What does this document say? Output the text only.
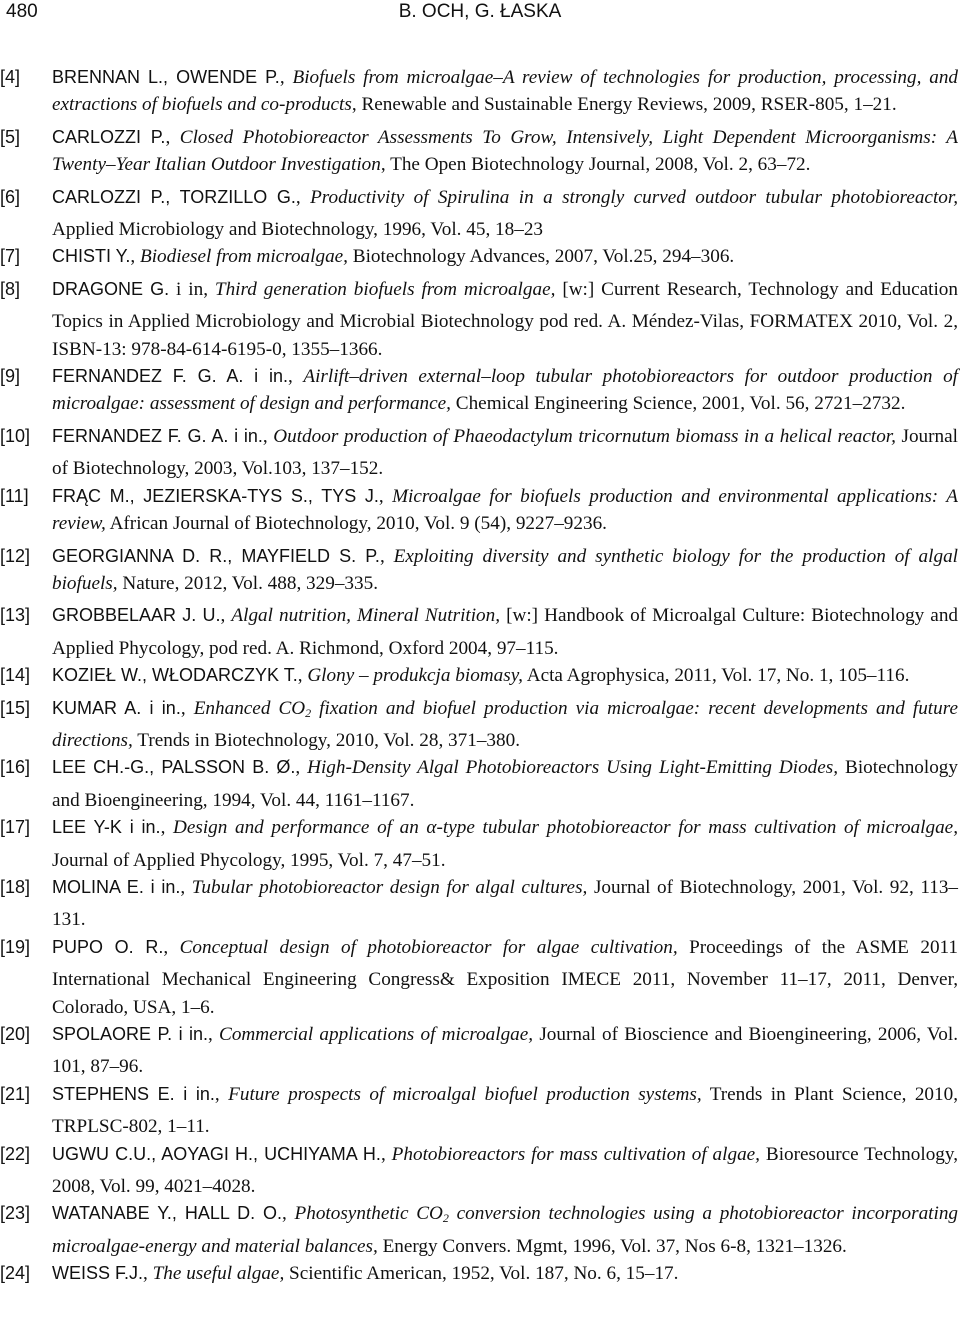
480	B. OCH, G. ŁASKA
[4] BRENNAN L., OWENDE P., Biofuels from microalgae–A review of technologies for production, processing, and extractions of biofuels and co-products, Renewable and Sustainable Energy Reviews, 2009, RSER-805, 1–21.
[5] CARLOZZI P., Closed Photobioreactor Assessments To Grow, Intensively, Light Dependent Microorganisms: A Twenty–Year Italian Outdoor Investigation, The Open Biotechnology Journal, 2008, Vol. 2, 63–72.
[6] CARLOZZI P., TORZILLO G., Productivity of Spirulina in a strongly curved outdoor tubular photobioreactor, Applied Microbiology and Biotechnology, 1996, Vol. 45, 18–23
[7] CHISTI Y., Biodiesel from microalgae, Biotechnology Advances, 2007, Vol.25, 294–306.
[8] DRAGONE G. i in, Third generation biofuels from microalgae, [w:] Current Research, Technology and Education Topics in Applied Microbiology and Microbial Biotechnology pod red. A. Méndez-Vilas, FORMATEX 2010, Vol. 2, ISBN-13: 978-84-614-6195-0, 1355–1366.
[9] FERNANDEZ F. G. A. i in., Airlift–driven external–loop tubular photobioreactors for outdoor production of microalgae: assessment of design and performance, Chemical Engineering Science, 2001, Vol. 56, 2721–2732.
[10] FERNANDEZ F. G. A. i in., Outdoor production of Phaeodactylum tricornutum biomass in a helical reactor, Journal of Biotechnology, 2003, Vol.103, 137–152.
[11] FRĄC M., JEZIERSKA-TYS S., TYS J., Microalgae for biofuels production and environmental applications: A review, African Journal of Biotechnology, 2010, Vol. 9 (54), 9227–9236.
[12] GEORGIANNA D. R., MAYFIELD S. P., Exploiting diversity and synthetic biology for the production of algal biofuels, Nature, 2012, Vol. 488, 329–335.
[13] GROBBELAAR J. U., Algal nutrition, Mineral Nutrition, [w:] Handbook of Microalgal Culture: Biotechnology and Applied Phycology, pod red. A. Richmond, Oxford 2004, 97–115.
[14] KOZIEŁ W., WŁODARCZYK T., Glony – produkcja biomasy, Acta Agrophysica, 2011, Vol. 17, No. 1, 105–116.
[15] KUMAR A. i in., Enhanced CO2 fixation and biofuel production via microalgae: recent developments and future directions, Trends in Biotechnology, 2010, Vol. 28, 371–380.
[16] LEE CH.-G., PALSSON B. Ø., High-Density Algal Photobioreactors Using Light-Emitting Diodes, Biotechnology and Bioengineering, 1994, Vol. 44, 1161–1167.
[17] LEE Y-K i in., Design and performance of an α-type tubular photobioreactor for mass cultivation of microalgae, Journal of Applied Phycology, 1995, Vol. 7, 47–51.
[18] MOLINA E. i in., Tubular photobioreactor design for algal cultures, Journal of Biotechnology, 2001, Vol. 92, 113–131.
[19] PUPO O. R., Conceptual design of photobioreactor for algae cultivation, Proceedings of the ASME 2011 International Mechanical Engineering Congress& Exposition IMECE 2011, November 11–17, 2011, Denver, Colorado, USA, 1–6.
[20] SPOLAORE P. i in., Commercial applications of microalgae, Journal of Bioscience and Bioengineering, 2006, Vol. 101, 87–96.
[21] STEPHENS E. i in., Future prospects of microalgal biofuel production systems, Trends in Plant Science, 2010, TRPLSC-802, 1–11.
[22] UGWU C.U., AOYAGI H., UCHIYAMA H., Photobioreactors for mass cultivation of algae, Bioresource Technology, 2008, Vol. 99, 4021–4028.
[23] WATANABE Y., HALL D. O., Photosynthetic CO2 conversion technologies using a photobioreactor incorporating microalgae-energy and material balances, Energy Convers. Mgmt, 1996, Vol. 37, Nos 6-8, 1321–1326.
[24] WEISS F.J., The useful algae, Scientific American, 1952, Vol. 187, No. 6, 15–17.
